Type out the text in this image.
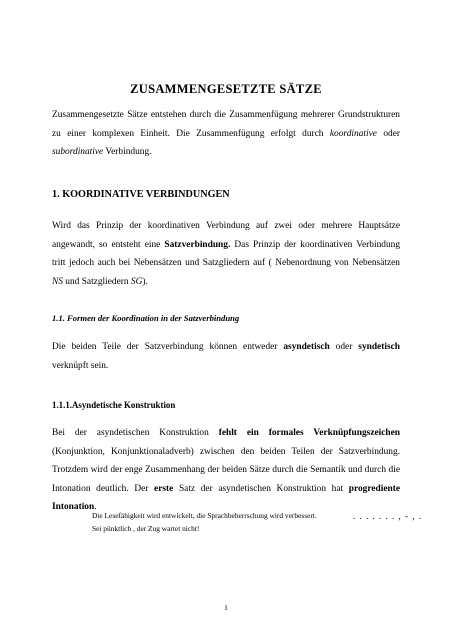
ZUSAMMENGESETZTE SÄTZE
Zusammengesetzte Sätze entstehen durch die Zusammenfügung mehrerer Grundstrukturen zu einer komplexen Einheit. Die Zusammenfügung erfolgt durch koordinative oder subordinative Verbindung.
1. KOORDINATIVE VERBINDUNGEN
Wird das Prinzip der koordinativen Verbindung auf zwei oder mehrere Hauptsätze angewandt, so entsteht eine Satzverbindung. Das Prinzip der koordinativen Verbindung tritt jedoch auch bei Nebensätzen und Satzgliedern auf ( Nebenordnung von Nebensätzen NS und Satzgliedern SG).
1.1. Formen der Koordination in der Satzverbindung
Die beiden Teile der Satzverbindung können entweder asyndetisch oder syndetisch verknüpft sein.
1.1.1.Asyndetische Konstruktion
Bei der asyndetischen Konstruktion fehlt ein formales Verknüpfungszeichen (Konjunktion, Konjunktionaladverb) zwischen den beiden Teilen der Satzverbindung. Trotzdem wird der enge Zusammenhang der beiden Sätze durch die Semantik und durch die Intonation deutlich. Der erste Satz der asyndetischen Konstruktion hat progrediente Intonation.
Die Lesefähigkeit wird entwickelt, die Sprachbeherrschung wird verbessert.	. . . . . . . , - , .
Sei pünktlich , der Zug wartet nicht!
1
